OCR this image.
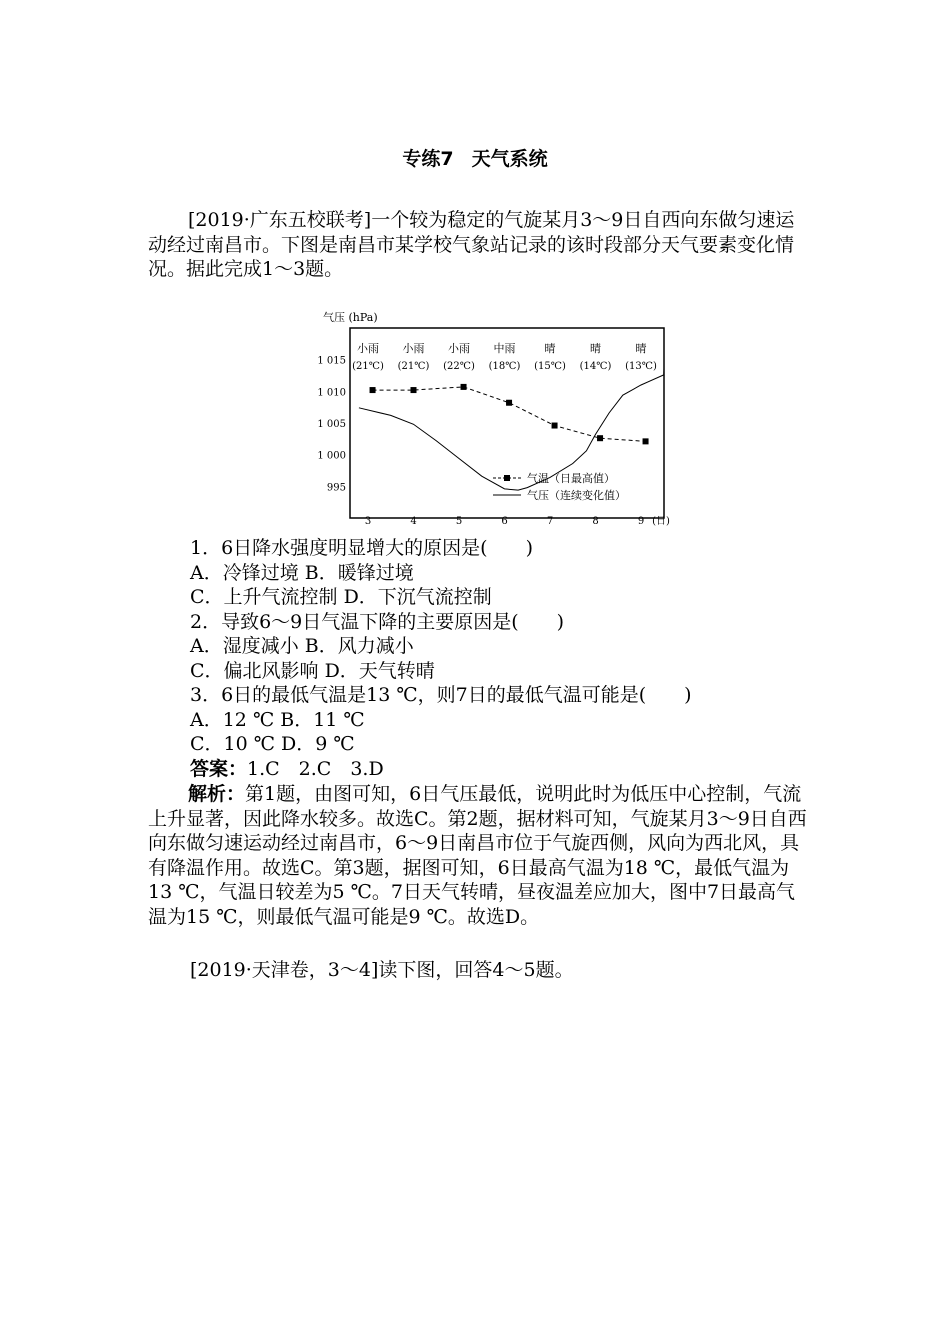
专练7 天气系统

[2019·广东五校联考]一个较为稳定的气旋某月3～9日自西向东做匀速运动经过南昌市。下图是南昌市某学校气象站记录的该时段部分天气要素变化情况。据此完成1～3题。

气压 (hPa)
小雨
(21℃)
小雨
(21℃)
小雨
(22℃)
中雨
(18℃)
晴
(15℃)
晴
(14℃)
晴
(13℃)
995
1 000
1 005
1 010
1 015
3	4	5	6	7	8	9 (日)
气温（日最高值）
气压（连续变化值）
1．6日降水强度明显增大的原因是(　　)
A．冷锋过境 B．暖锋过境
C．上升气流控制 D．下沉气流控制
2．导致6～9日气温下降的主要原因是(　　)
A．湿度减小 B．风力减小
C．偏北风影响 D．天气转晴
3．6日的最低气温是13 ℃，则7日的最低气温可能是(　　)
A．12 ℃ B．11 ℃
C．10 ℃ D．9 ℃
答案：1.C　2.C　3.D

解析：第1题，由图可知，6日气压最低，说明此时为低压中心控制，气流上升显著，因此降水较多。故选C。第2题，据材料可知，气旋某月3～9日自西向东做匀速运动经过南昌市，6～9日南昌市位于气旋西侧，风向为西北风，具有降温作用。故选C。第3题，据图可知，6日最高气温为18 ℃，最低气温为13 ℃，气温日较差为5 ℃。7日天气转晴，昼夜温差应加大，图中7日最高气温为15 ℃，则最低气温可能是9 ℃。故选D。

[2019·天津卷，3～4]读下图，回答4～5题。
